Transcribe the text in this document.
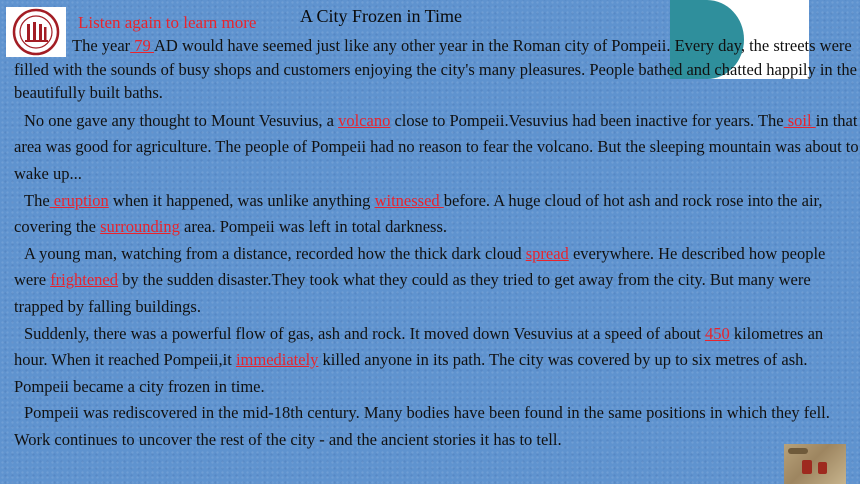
Listen again to learn more A City Frozen in Time

The year 79 AD would have seemed just like any other year in the Roman city of Pompeii. Every day, the streets were filled with the sounds of busy shops and customers enjoying the city's many pleasures. People bathed and chatted happily in the beautifully built baths.

No one gave any thought to Mount Vesuvius, a volcano close to Pompeii.Vesuvius had been inactive for years. The soil in that area was good for agriculture. The people of Pompeii had no reason to fear the volcano. But the sleeping mountain was about to wake up...

The eruption when it happened, was unlike anything witnessed before. A huge cloud of hot ash and rock rose into the air, covering the surrounding area. Pompeii was left in total darkness.

A young man, watching from a distance, recorded how the thick dark cloud spread everywhere. He described how people were frightened by the sudden disaster.They took what they could as they tried to get away from the city. But many were trapped by falling buildings.

Suddenly, there was a powerful flow of gas, ash and rock. It moved down Vesuvius at a speed of about 450 kilometres an hour. When it reached Pompeii,it immediately killed anyone in its path. The city was covered by up to six metres of ash. Pompeii became a city frozen in time.

Pompeii was rediscovered in the mid-18th century. Many bodies have been found in the same positions in which they fell. Work continues to uncover the rest of the city - and the ancient stories it has to tell.
